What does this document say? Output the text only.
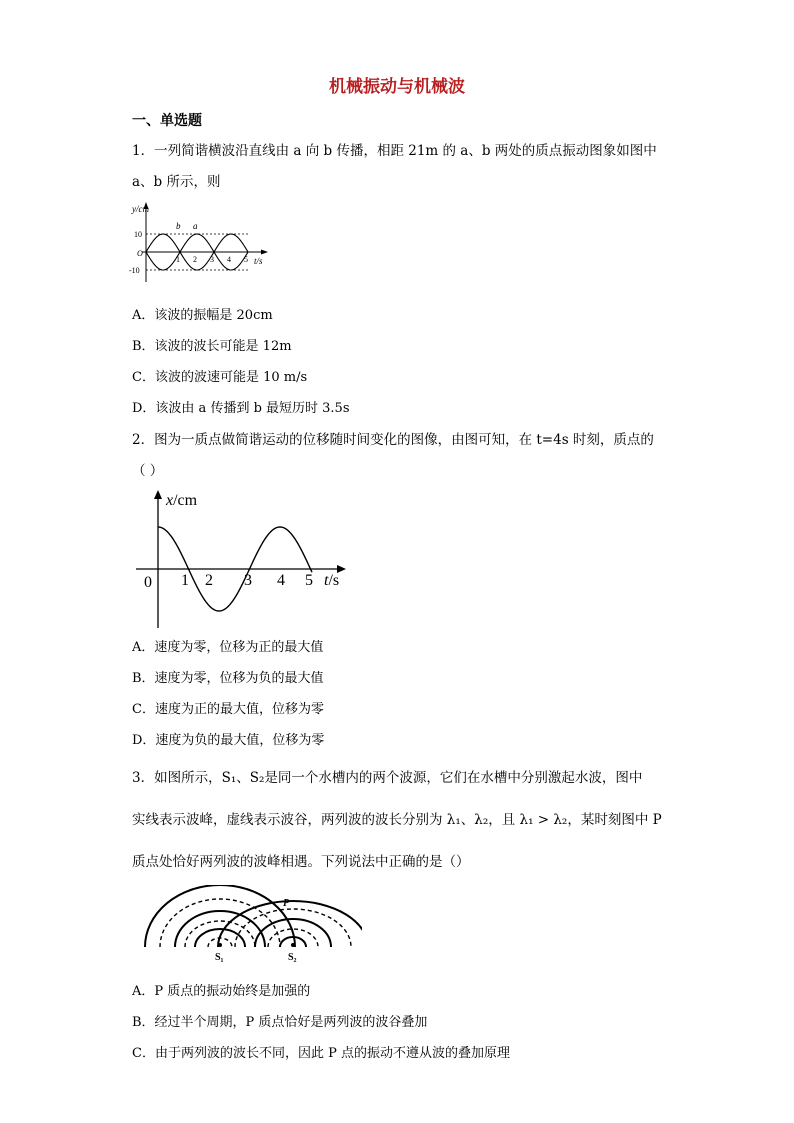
机械振动与机械波
一、单选题
1．一列简谐横波沿直线由 a 向 b 传播，相距 21m 的 a、b 两处的质点振动图象如图中
a、b 所示，则
y/cm
10
-10
O
b a
1 2 3 4 5 t/s
A．该波的振幅是 20cm
B．该波的波长可能是 12m
C．该波的波速可能是 10 m/s
D．该波由 a 传播到 b 最短历时 3.5s
2．图为一质点做简谐运动的位移随时间变化的图像，由图可知，在 t=4s 时刻，质点的
（ ）
x/cm
0 1 2 3 4 5 t/s
A．速度为零，位移为正的最大值
B．速度为零，位移为负的最大值
C．速度为正的最大值，位移为零
D．速度为负的最大值，位移为零
3．如图所示，S₁、S₂是同一个水槽内的两个波源，它们在水槽中分别激起水波，图中
实线表示波峰，虚线表示波谷，两列波的波长分别为 λ₁、λ₂，且 λ₁ > λ₂，某时刻图中 P
质点处恰好两列波的波峰相遇。下列说法中正确的是（）
P
S₁	S₂
A．P 质点的振动始终是加强的
B．经过半个周期，P 质点恰好是两列波的波谷叠加
C．由于两列波的波长不同，因此 P 点的振动不遵从波的叠加原理
